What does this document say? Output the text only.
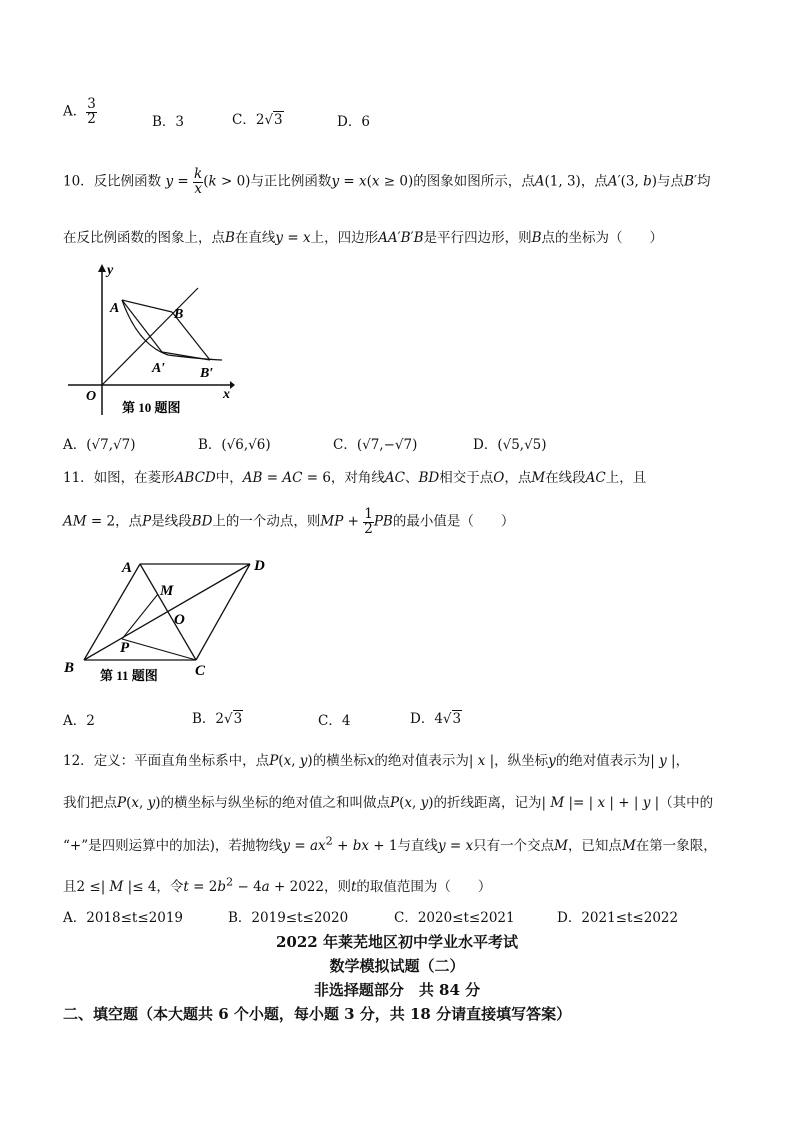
A． $\frac{3}{2}$	B．3	C．2√3	D．6
10．反比例函数 $y = \frac{k}{x} (k > 0)$与正比例函数y = x(x ≥ 0)的图象如图所示，点A(1, 3)，点A′(3, b)与点B′均
在反比例函数的图象上，点B在直线y = x上，四边形AA′B′B是平行四边形，则B点的坐标为（　　）
y
x
O
A	B
A′ B′
第 10 题图
A．(√7,√7)	B．(√6,√6)	C．(√7,−√7)	D．(√5,√5)
11．如图，在菱形ABCD中，AB = AC = 6，对角线AC、BD相交于点O，点M在线段AC上，且
AM = 2，点P是线段BD上的一个动点，则MP + $\frac{1}{2}$ PB的最小值是（　　）
A	D
B	C
M
O
P
第 11 题图
A．2	B．2√3	C．4	D．4√3
12．定义：平面直角坐标系中，点P(x, y)的横坐标x的绝对值表示为| x |，纵坐标y的绝对值表示为| y |，
我们把点P(x, y)的横坐标与纵坐标的绝对值之和叫做点P(x, y)的折线距离，记为| M |= | x | + | y |（其中的
“+”是四则运算中的加法)，若抛物线$y = ax^2$ + bx + 1与直线y = x只有一个交点M，已知点M在第一象限，
且2 ≤| M |≤ 4，令$t = 2b^2 - 4a + 2022$，则t的取值范围为（　　）
A．2018≤t≤2019	B．2019≤t≤2020	C．2020≤t≤2021	D．2021≤t≤2022
2022 年莱芜地区初中学业水平考试
数学模拟试题（二）
非选择题部分　共 84 分
二、填空题（本大题共 6 个小题，每小题 3 分，共 18 分请直接填写答案）
